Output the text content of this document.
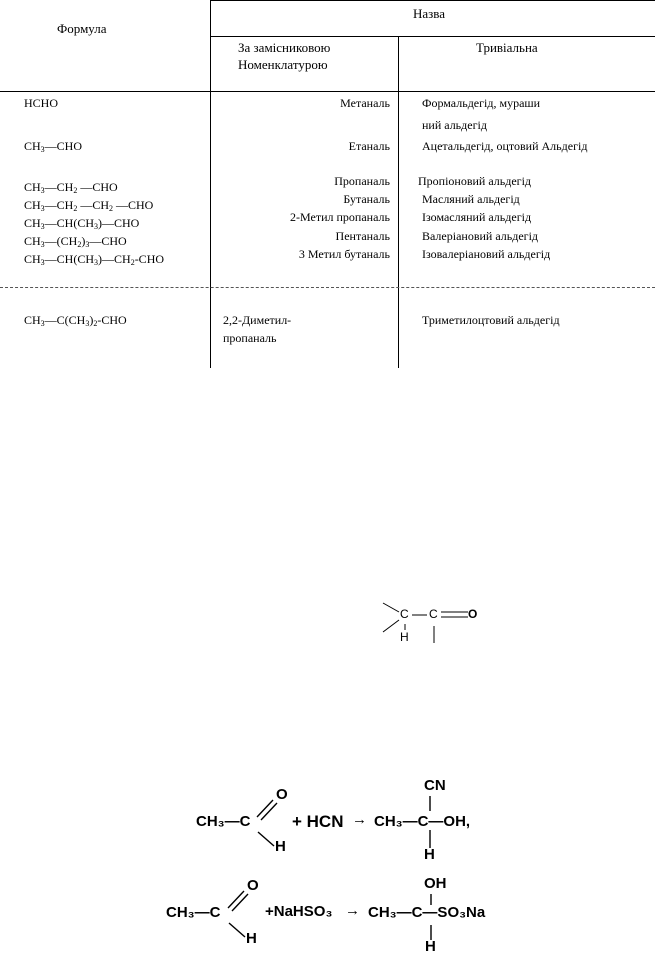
Формула
Назва
За замісниковою
Номенклатурою
Тривіальна
HCHO
$CH_3—CHO$
$CH_3—CH_2$ —CHO
$CH_3—CH_2$ $—CH_2$ —CHO
$CH_3—CH(CH_3)—CHO$
$CH_3—(CH_2)_3—CHO$
$CH_3—CH(CH_3)—CH_2$-CHO
$CH_3—C(CH_3)_2$-CHO
Метаналь
Етаналь
Пропаналь
Бутаналь
2-Метил пропаналь
Пентаналь
3 Метил бутаналь
2,2-Диметил-
пропаналь
Формальдегід, мураши
ний альдегід
Ацетальдегід, оцтовий Альдегід
Пропіоновий альдегід
Масляний альдегід
Ізомасляний альдегід
Валеріановий альдегід
Ізовалеріановий альдегід
Триметилоцтовий альдегід
C C	O
H
CH₃—C
O
H
+ HCN → CH₃—C—OH,
CN
H
CH₃—C
O
H
+NaHSO₃ → CH₃—C—SO₃Na
OH
H
